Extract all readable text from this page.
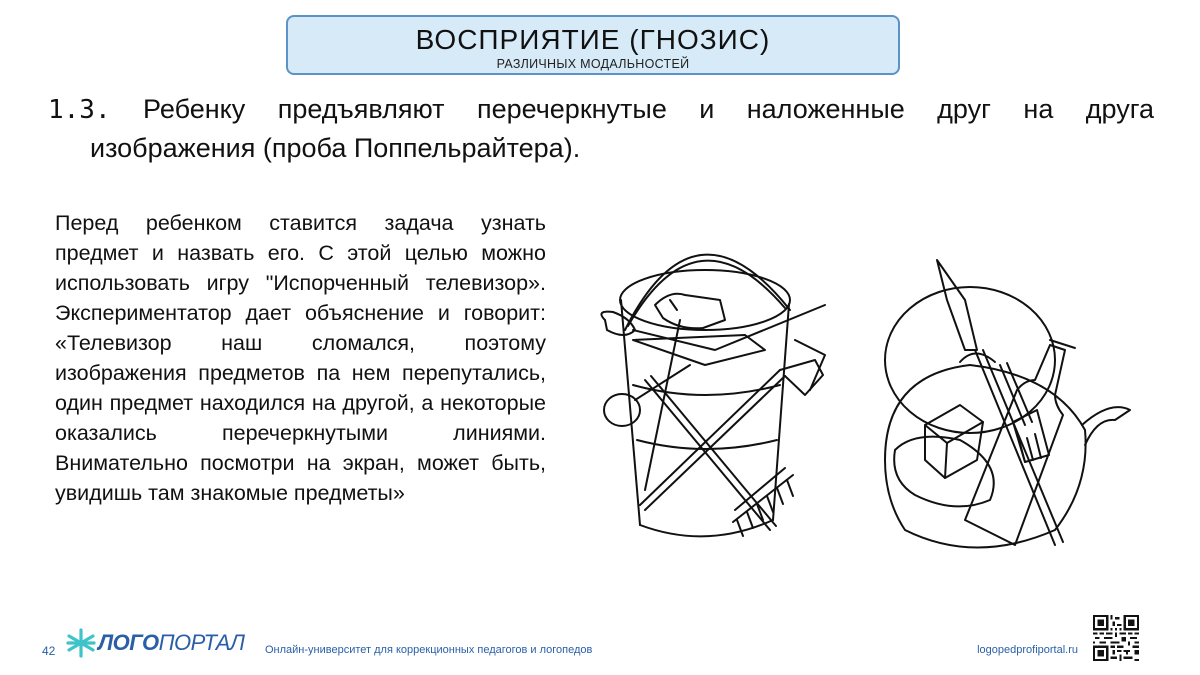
ВОСПРИЯТИЕ (ГНОЗИС)
РАЗЛИЧНЫХ МОДАЛЬНОСТЕЙ
1.3. Ребенку предъявляют перечеркнутые и наложенные друг на друга
изображения (проба Поппельрайтера).
Перед ребенком ставится задача узнать предмет и назвать его. С этой целью можно использовать игру "Испорченный телевизор». Экспериментатор дает объяснение и говорит: «Телевизор наш сломался, поэтому изображения предметов па нем перепутались, один предмет находился на другой, а некоторые оказались перечеркнутыми линиями. Внимательно посмотри на экран, может быть, увидишь там знакомые предметы»
42 ЛОГОПОРТАЛ Онлайн-университет для коррекционных педагогов и логопедов	logopedprofiportal.ru
